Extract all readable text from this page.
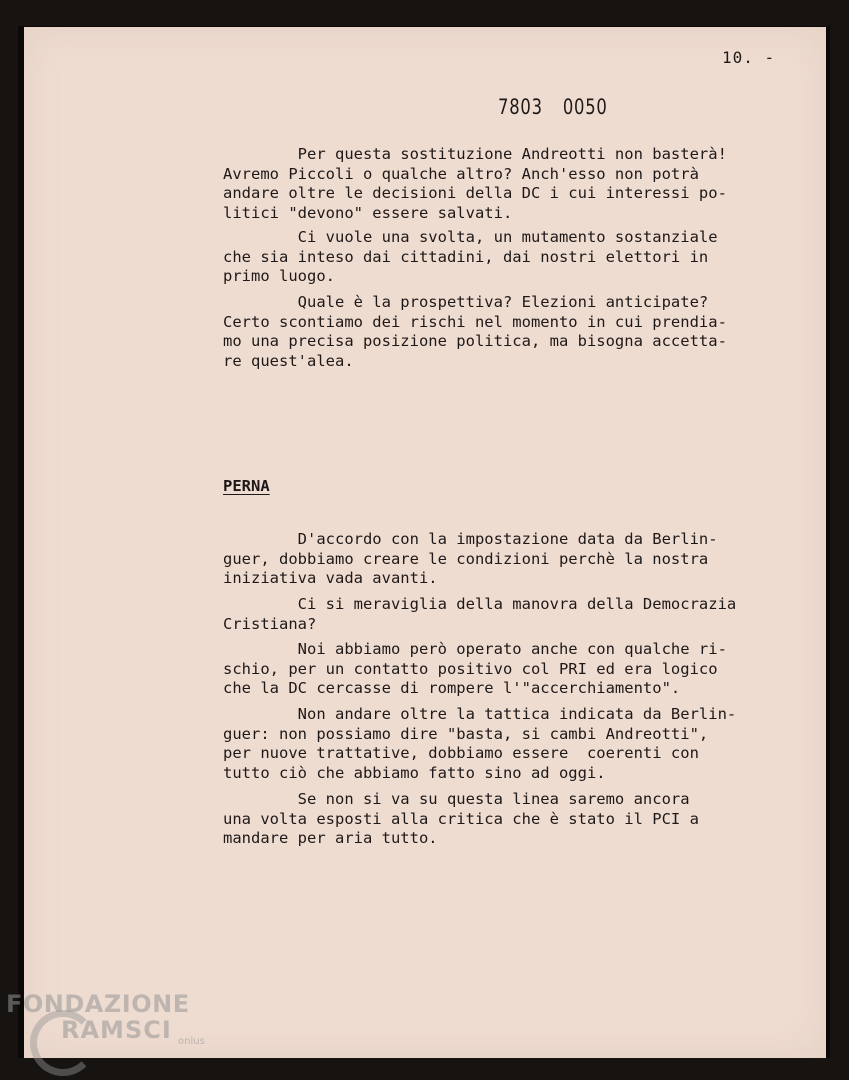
10. -
7803 0050
Per questa sostituzione Andreotti non basterà!
Avremo Piccoli o qualche altro? Anch'esso non potrà
andare oltre le decisioni della DC i cui interessi po-
litici "devono" essere salvati.
Ci vuole una svolta, un mutamento sostanziale
che sia inteso dai cittadini, dai nostri elettori in
primo luogo.
Quale è la prospettiva? Elezioni anticipate?
Certo scontiamo dei rischi nel momento in cui prendia-
mo una precisa posizione politica, ma bisogna accetta-
re quest'alea.
PERNA
D'accordo con la impostazione data da Berlin-
guer, dobbiamo creare le condizioni perchè la nostra
iniziativa vada avanti.
Ci si meraviglia della manovra della Democrazia
Cristiana?
Noi abbiamo però operato anche con qualche ri-
schio, per un contatto positivo col PRI ed era logico
che la DC cercasse di rompere l'"accerchiamento".
Non andare oltre la tattica indicata da Berlin-
guer: non possiamo dire "basta, si cambi Andreotti",
per nuove trattative, dobbiamo essere  coerenti con
tutto ciò che abbiamo fatto sino ad oggi.
Se non si va su questa linea saremo ancora
una volta esposti alla critica che è stato il PCI a
mandare per aria tutto.
FONDAZIONE
RAMSCI onlus
